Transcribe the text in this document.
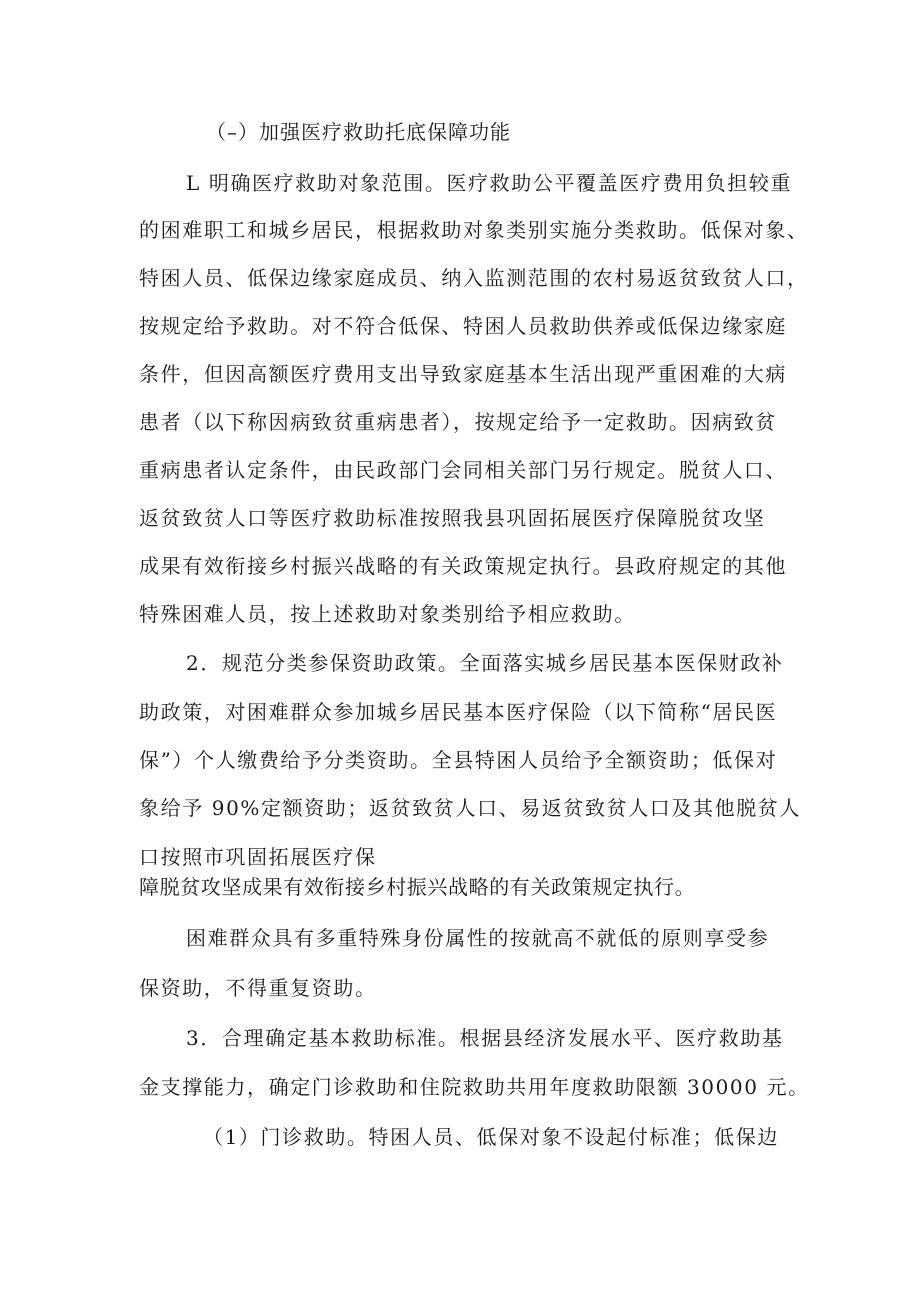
（–）加强医疗救助托底保障功能
L 明确医疗救助对象范围。医疗救助公平覆盖医疗费用负担较重
的困难职工和城乡居民，根据救助对象类别实施分类救助。低保对象、
特困人员、低保边缘家庭成员、纳入监测范围的农村易返贫致贫人口，
按规定给予救助。对不符合低保、特困人员救助供养或低保边缘家庭
条件，但因高额医疗费用支出导致家庭基本生活出现严重困难的大病
患者（以下称因病致贫重病患者），按规定给予一定救助。因病致贫
重病患者认定条件，由民政部门会同相关部门另行规定。脱贫人口、
返贫致贫人口等医疗救助标准按照我县巩固拓展医疗保障脱贫攻坚
成果有效衔接乡村振兴战略的有关政策规定执行。县政府规定的其他
特殊困难人员，按上述救助对象类别给予相应救助。
2．规范分类参保资助政策。全面落实城乡居民基本医保财政补
助政策，对困难群众参加城乡居民基本医疗保险（以下简称“居民医
保”）个人缴费给予分类资助。全县特困人员给予全额资助；低保对
象给予 90%定额资助；返贫致贫人口、易返贫致贫人口及其他脱贫人
口按照市巩固拓展医疗保
障脱贫攻坚成果有效衔接乡村振兴战略的有关政策规定执行。
困难群众具有多重特殊身份属性的按就高不就低的原则享受参
保资助，不得重复资助。
3．合理确定基本救助标准。根据县经济发展水平、医疗救助基
金支撑能力，确定门诊救助和住院救助共用年度救助限额 30000 元。
（1）门诊救助。特困人员、低保对象不设起付标准；低保边
